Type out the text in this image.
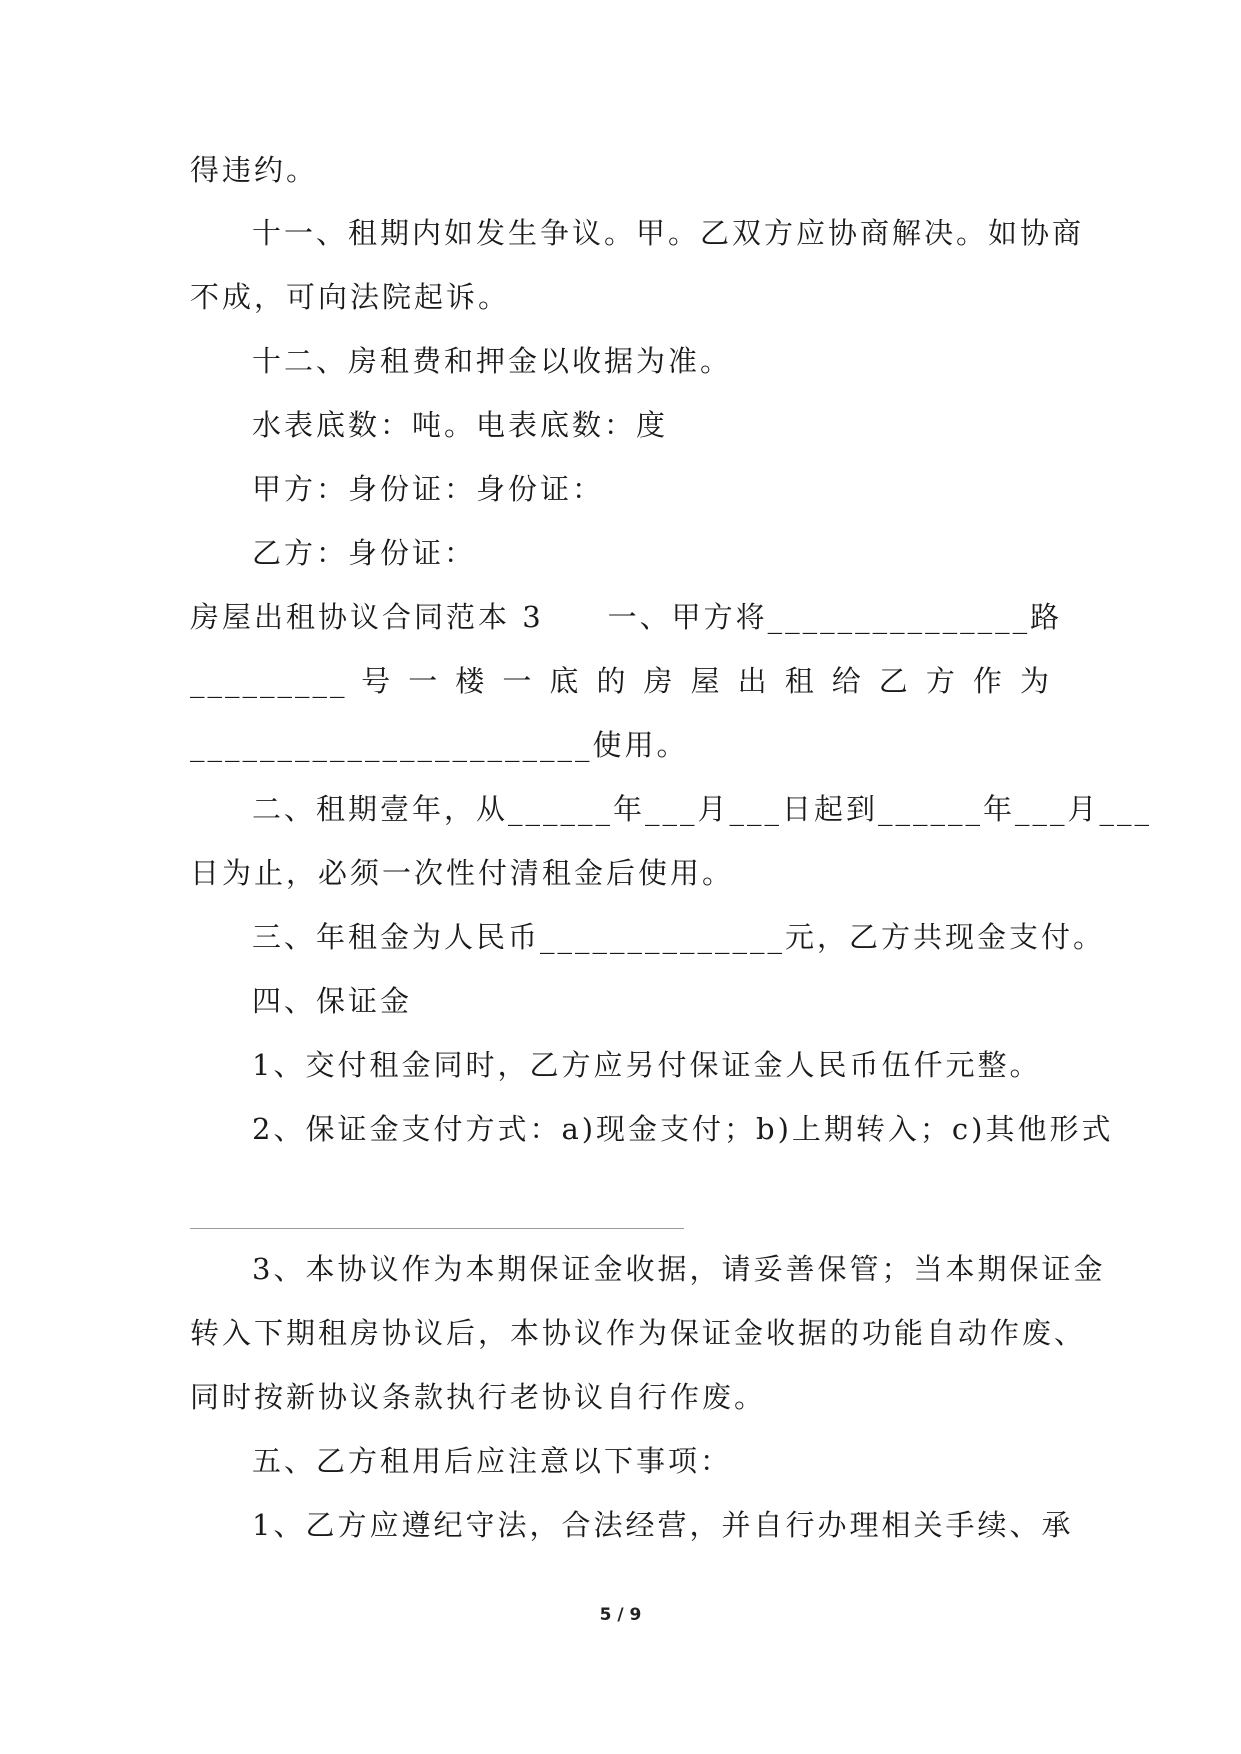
得违约。
十一、租期内如发生争议。甲。乙双方应协商解决。如协商
不成，可向法院起诉。
十二、房租费和押金以收据为准。
水表底数：吨。电表底数：度
甲方：身份证：身份证：
乙方：身份证：
房屋出租协议合同范本 3　　一、甲方将_______________路
_________ 号 一 楼 一 底 的 房 屋 出 租 给 乙 方 作 为
_______________________使用。
二、租期壹年，从______年___月___日起到______年___月___
日为止，必须一次性付清租金后使用。
三、年租金为人民币______________元，乙方共现金支付。
四、保证金
1、交付租金同时，乙方应另付保证金人民币伍仟元整。
2、保证金支付方式：a)现金支付；b)上期转入；c)其他形式
3、本协议作为本期保证金收据，请妥善保管；当本期保证金
转入下期租房协议后，本协议作为保证金收据的功能自动作废、
同时按新协议条款执行老协议自行作废。
五、乙方租用后应注意以下事项：
1、乙方应遵纪守法，合法经营，并自行办理相关手续、承
5 / 9
